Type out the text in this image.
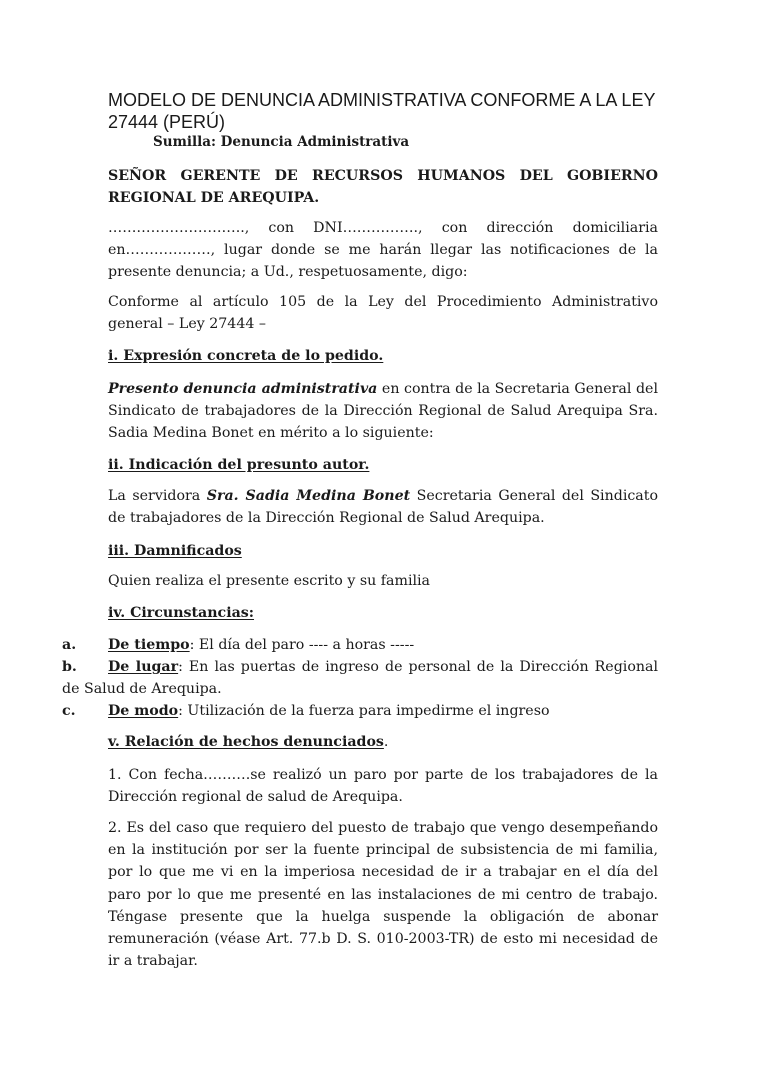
MODELO DE DENUNCIA ADMINISTRATIVA CONFORME A LA LEY
27444 (PERÚ)
Sumilla: Denuncia Administrativa
SEÑOR GERENTE DE RECURSOS HUMANOS DEL GOBIERNO REGIONAL DE AREQUIPA.
……………………….., con DNI……………., con dirección domiciliaria en………………, lugar donde se me harán llegar las notificaciones de la presente denuncia; a Ud., respetuosamente, digo:
Conforme al artículo 105 de la Ley del Procedimiento Administrativo general – Ley 27444 –
i. Expresión concreta de lo pedido.
Presento denuncia administrativa en contra de la Secretaria General del Sindicato de trabajadores de la Dirección Regional de Salud Arequipa Sra. Sadia Medina Bonet en mérito a lo siguiente:
ii. Indicación del presunto autor.
La servidora Sra. Sadia Medina Bonet Secretaria General del Sindicato de trabajadores de la Dirección Regional de Salud Arequipa.
iii. Damnificados
Quien realiza el presente escrito y su familia
iv. Circunstancias:
a. De tiempo: El día del paro ---- a horas -----
b. De lugar: En las puertas de ingreso de personal de la Dirección Regional de Salud de Arequipa.
c. De modo: Utilización de la fuerza para impedirme el ingreso
v. Relación de hechos denunciados.
1. Con fecha……….se realizó un paro por parte de los trabajadores de la Dirección regional de salud de Arequipa.
2. Es del caso que requiero del puesto de trabajo que vengo desempeñando en la institución por ser la fuente principal de subsistencia de mi familia, por lo que me vi en la imperiosa necesidad de ir a trabajar en el día del paro por lo que me presenté en las instalaciones de mi centro de trabajo. Téngase presente que la huelga suspende la obligación de abonar remuneración (véase Art. 77.b D. S. 010-2003-TR) de esto mi necesidad de ir a trabajar.
